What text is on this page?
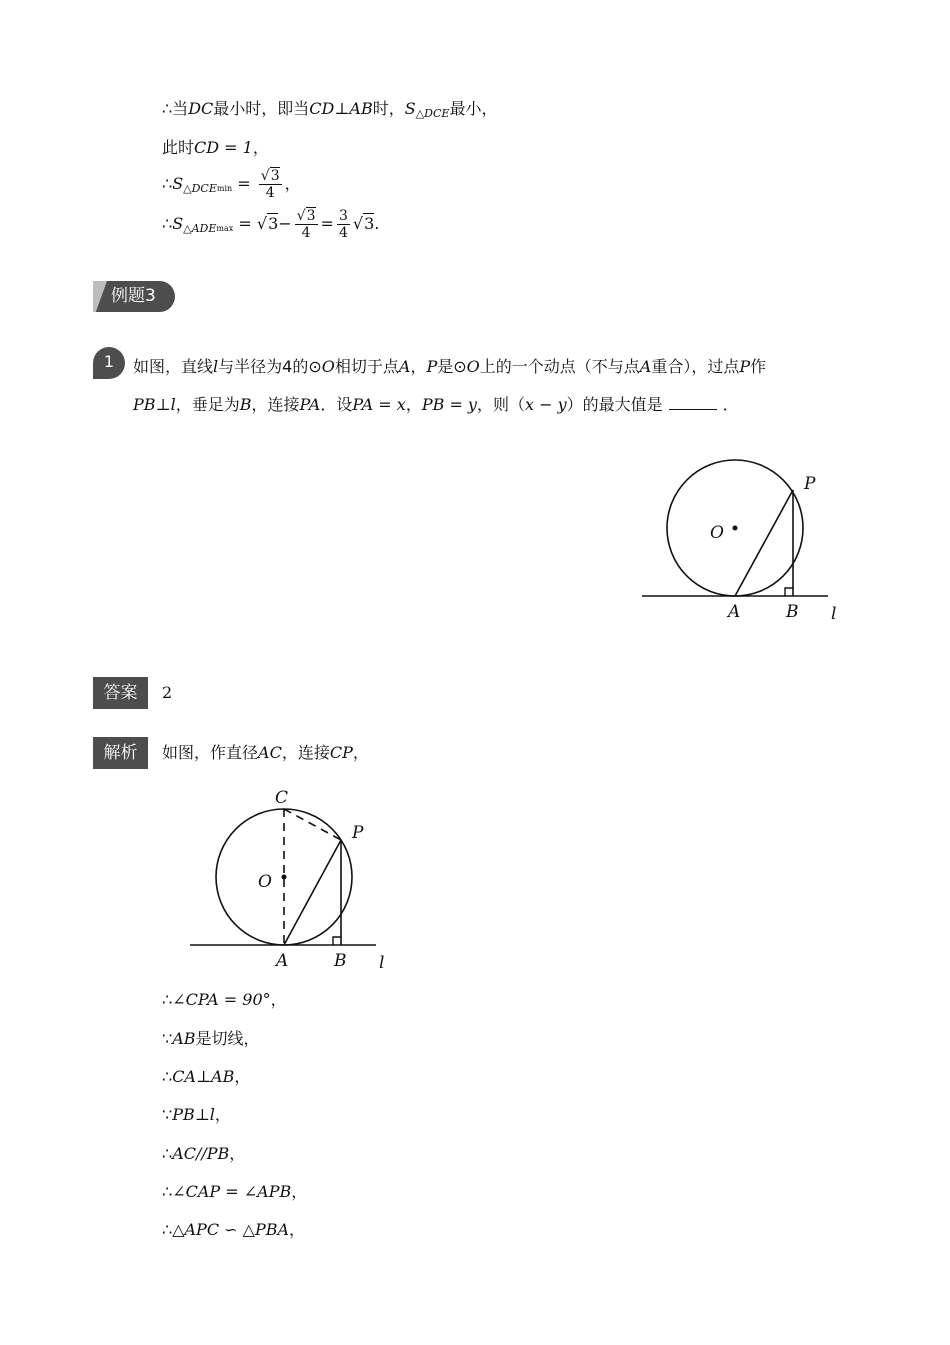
∴当DC最小时，即当CD⊥AB时，S△DCE最小，
此时CD = 1，
∴S△DCEmin = $\frac{√3}{4}$ ，
∴S△ADEmax = $√3- \frac{√3}{4} = \frac{3}{4} √3$.
例题3
1	如图，直线l与半径为4的⊙O相切于点A，P是⊙O上的一个动点（不与点A重合），过点P作
PB⊥l，垂足为B，连接PA．设PA = x，PB = y，则（x − y）的最大值是	．
P
O
A	B l
答案	2
解析	如图，作直径AC，连接CP，
C
P
O
A	B l
∴∠CPA = 90°，
∵AB是切线，
∴CA⊥AB，
∵PB⊥l，
∴AC//PB，
∴∠CAP = ∠APB，
∴△APC ∽ △PBA，
